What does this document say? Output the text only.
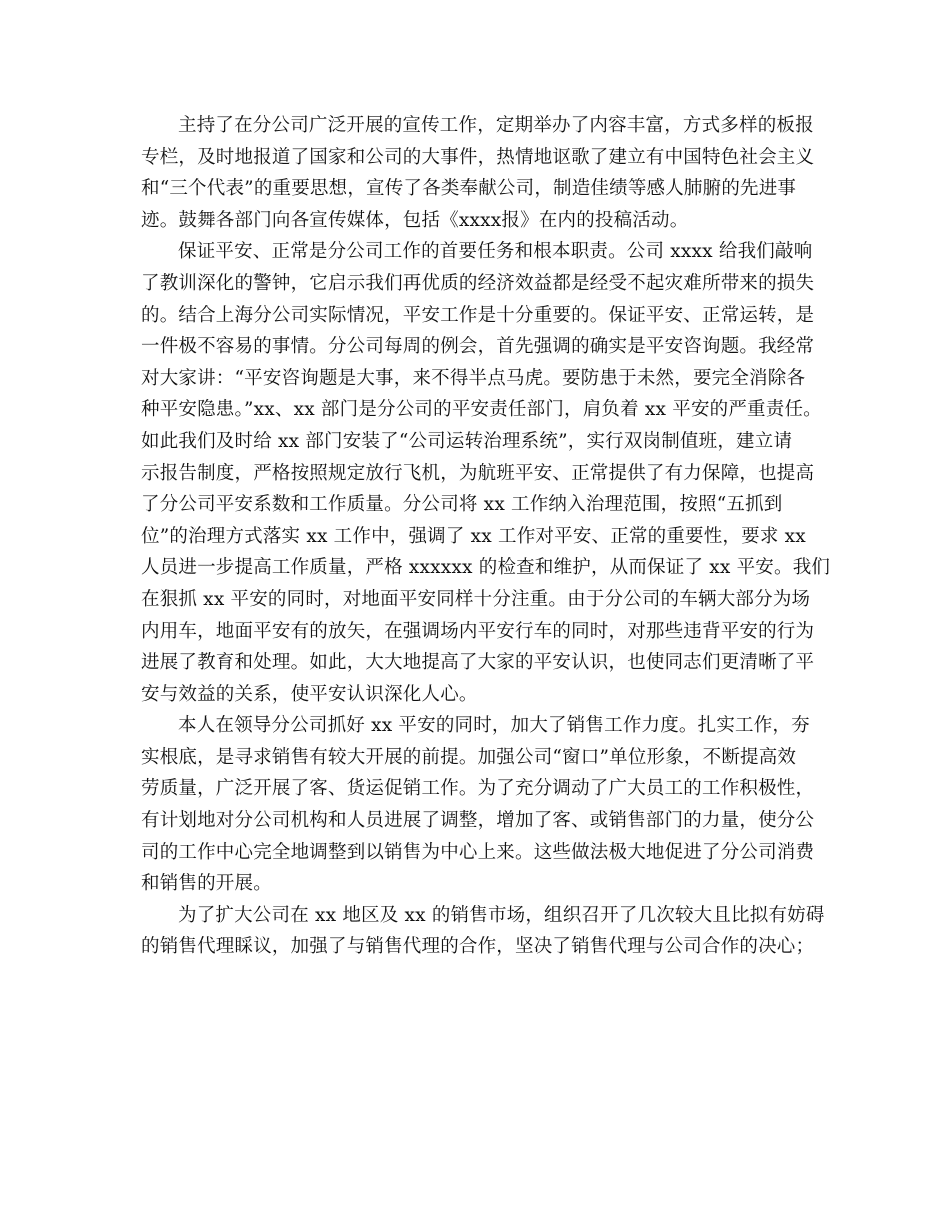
主持了在分公司广泛开展的宣传工作，定期举办了内容丰富，方式多样的板报
专栏，及时地报道了国家和公司的大事件，热情地讴歌了建立有中国特色社会主义
和“三个代表”的重要思想，宣传了各类奉献公司，制造佳绩等感人肺腑的先进事
迹。鼓舞各部门向各宣传媒体，包括《xxxx报》在内的投稿活动。
保证平安、正常是分公司工作的首要任务和根本职责。公司 xxxx 给我们敲响
了教训深化的警钟，它启示我们再优质的经济效益都是经受不起灾难所带来的损失
的。结合上海分公司实际情况，平安工作是十分重要的。保证平安、正常运转，是
一件极不容易的事情。分公司每周的例会，首先强调的确实是平安咨询题。我经常
对大家讲：“平安咨询题是大事，来不得半点马虎。要防患于未然，要完全消除各
种平安隐患。”xx、xx 部门是分公司的平安责任部门，肩负着 xx 平安的严重责任。
如此我们及时给 xx 部门安装了“公司运转治理系统”，实行双岗制值班，建立请
示报告制度，严格按照规定放行飞机，为航班平安、正常提供了有力保障，也提高
了分公司平安系数和工作质量。分公司将 xx 工作纳入治理范围，按照“五抓到
位”的治理方式落实 xx 工作中，强调了 xx 工作对平安、正常的重要性，要求 xx
人员进一步提高工作质量，严格 xxxxxx 的检查和维护，从而保证了 xx 平安。我们
在狠抓 xx 平安的同时，对地面平安同样十分注重。由于分公司的车辆大部分为场
内用车，地面平安有的放矢，在强调场内平安行车的同时，对那些违背平安的行为
进展了教育和处理。如此，大大地提高了大家的平安认识，也使同志们更清晰了平
安与效益的关系，使平安认识深化人心。
本人在领导分公司抓好 xx 平安的同时，加大了销售工作力度。扎实工作，夯
实根底，是寻求销售有较大开展的前提。加强公司“窗口”单位形象，不断提高效
劳质量，广泛开展了客、货运促销工作。为了充分调动了广大员工的工作积极性，
有计划地对分公司机构和人员进展了调整，增加了客、或销售部门的力量，使分公
司的工作中心完全地调整到以销售为中心上来。这些做法极大地促进了分公司消费
和销售的开展。
为了扩大公司在 xx 地区及 xx 的销售市场，组织召开了几次较大且比拟有妨碍
的销售代理睬议，加强了与销售代理的合作，坚决了销售代理与公司合作的决心；
